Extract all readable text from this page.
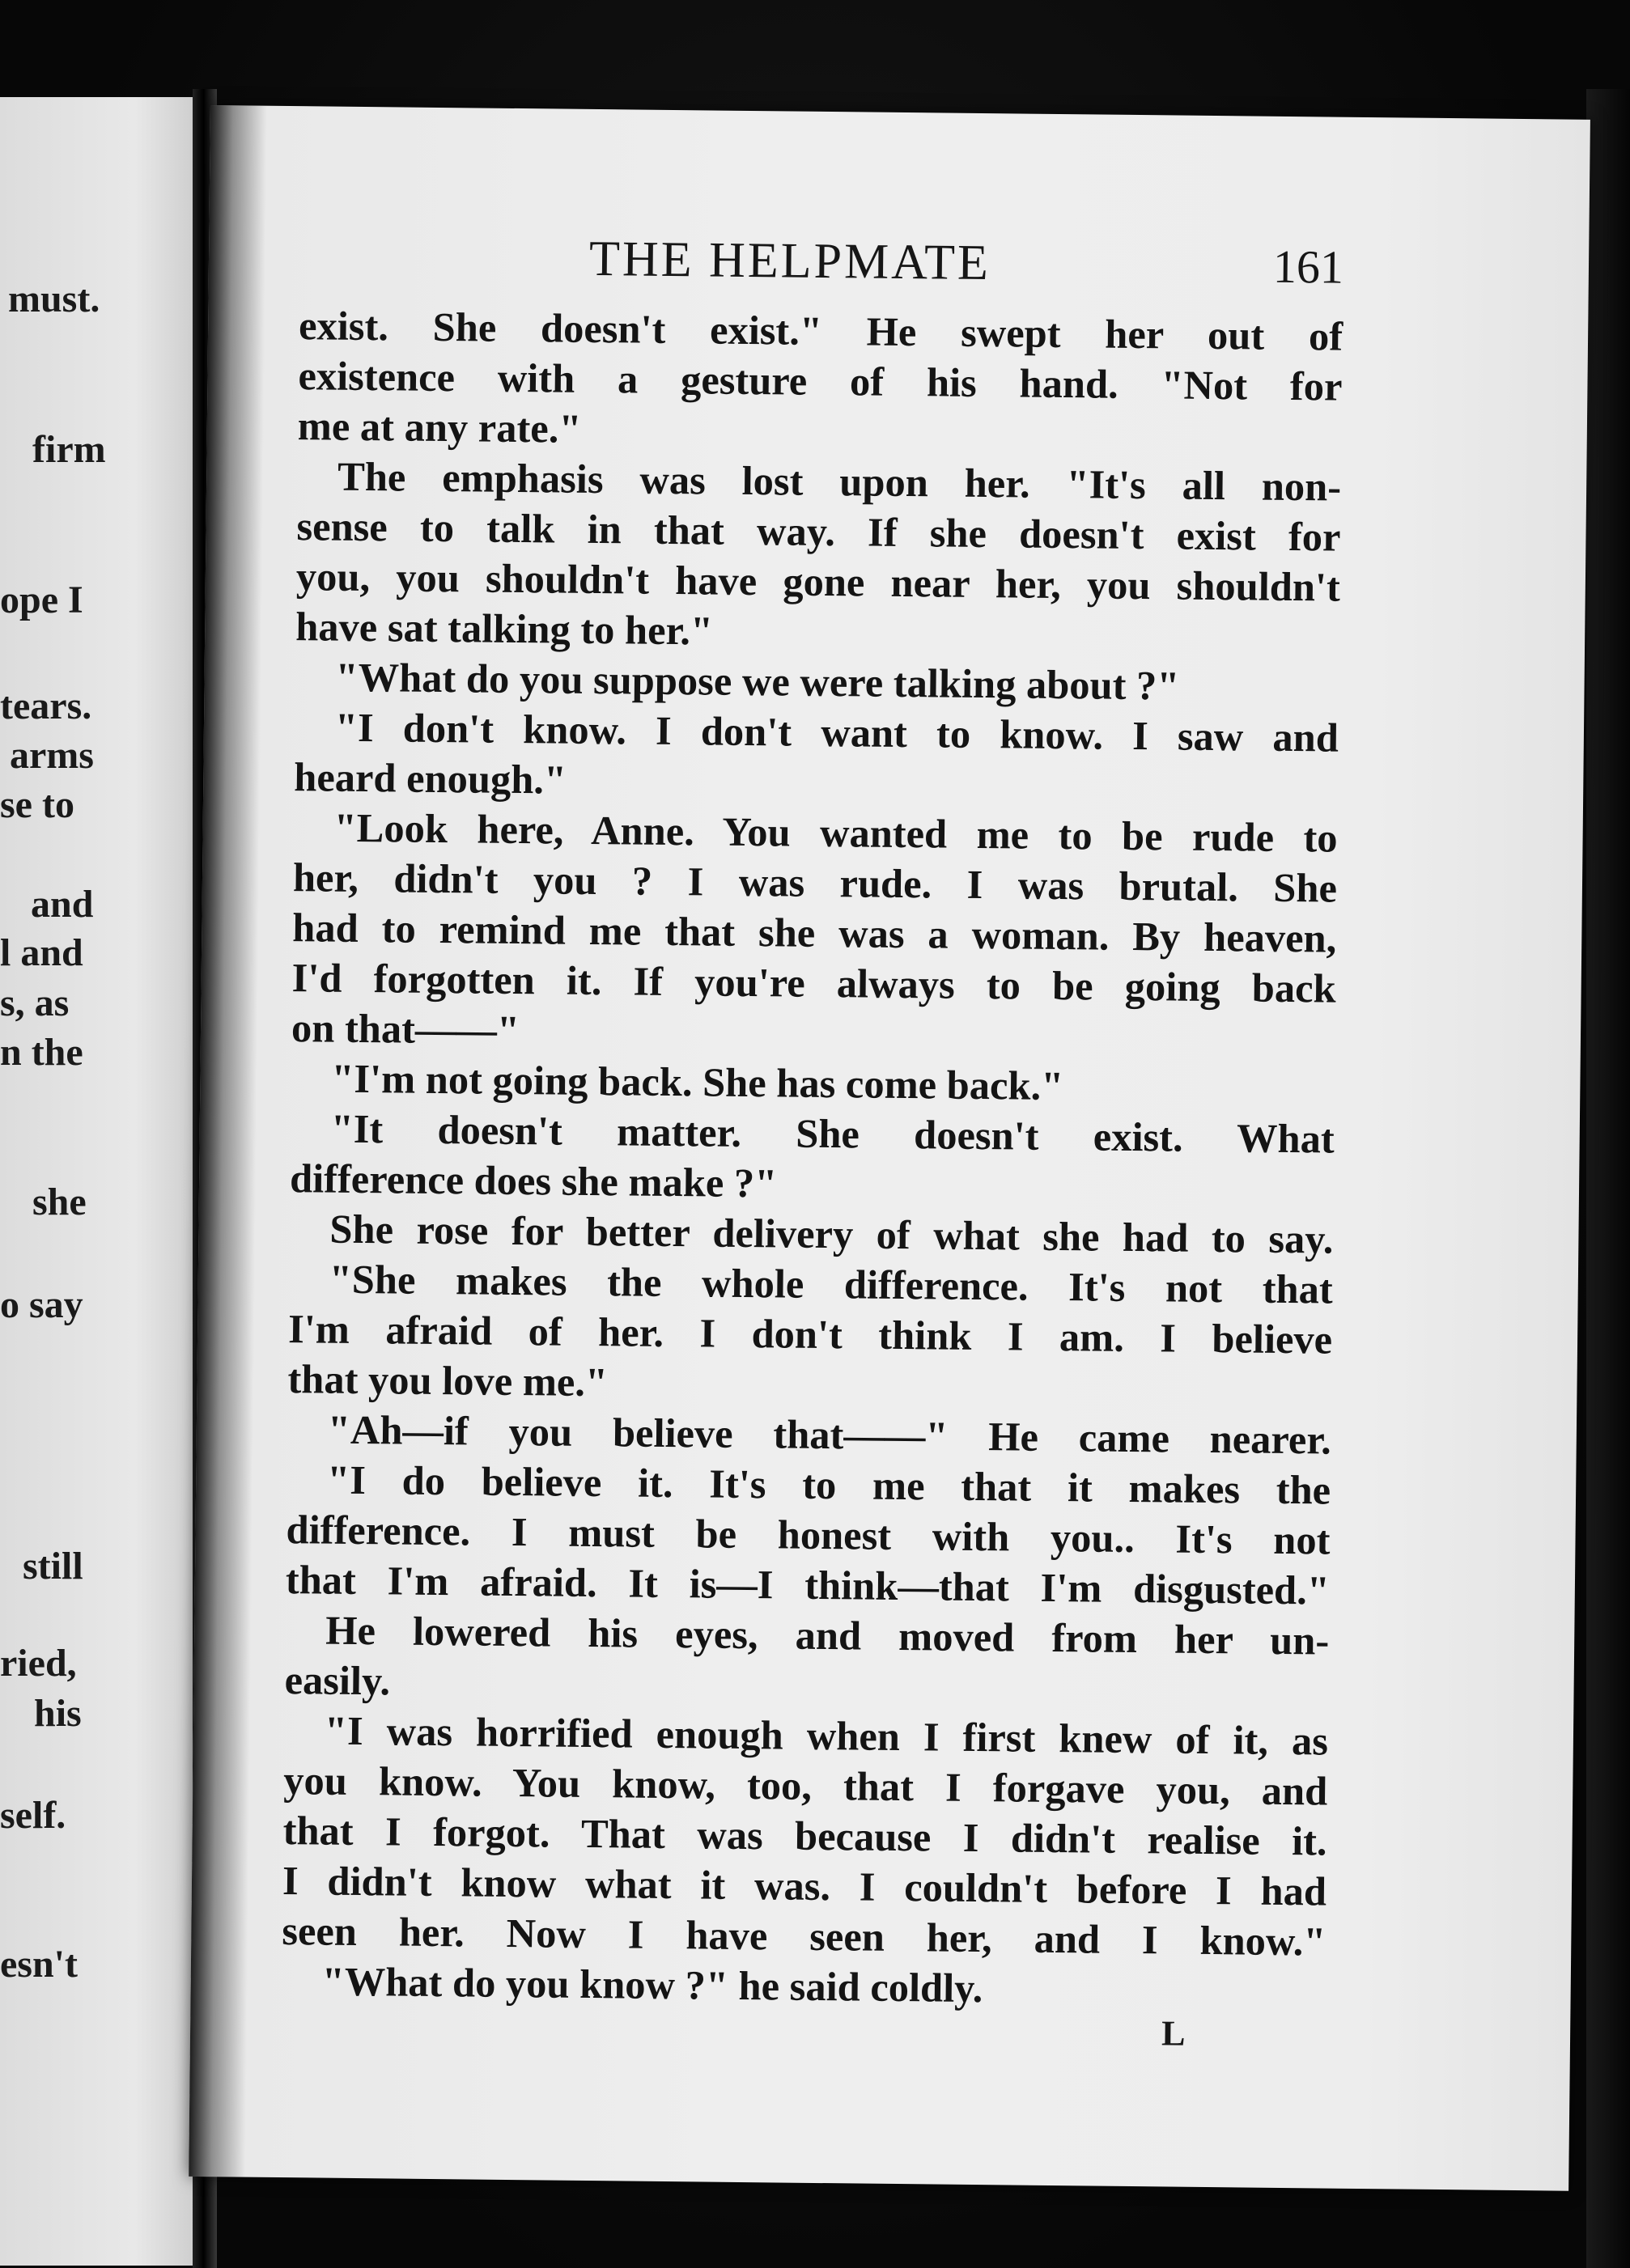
must.
firm
ope I
tears.
arms
se to
and
l and
s, as
n the
she
o say
still
ried,
his
self.
esn't
THE HELPMATE	161
exist. She doesn't exist." He swept her out of
existence with a gesture of his hand. "Not for
me at any rate."
The emphasis was lost upon her. "It's all non-
sense to talk in that way. If she doesn't exist for
you, you shouldn't have gone near her, you shouldn't
have sat talking to her."
"What do you suppose we were talking about ?"
"I don't know. I don't want to know. I saw and
heard enough."
"Look here, Anne. You wanted me to be rude to
her, didn't you ? I was rude. I was brutal. She
had to remind me that she was a woman. By heaven,
I'd forgotten it. If you're always to be going back
on that——"
"I'm not going back. She has come back."
"It doesn't matter. She doesn't exist. What
difference does she make ?"
She rose for better delivery of what she had to say.
"She makes the whole difference. It's not that
I'm afraid of her. I don't think I am. I believe
that you love me."
"Ah—if you believe that——" He came nearer.
"I do believe it. It's to me that it makes the
difference. I must be honest with you.. It's not
that I'm afraid. It is—I think—that I'm disgusted."
He lowered his eyes, and moved from her un-
easily.
"I was horrified enough when I first knew of it, as
you know. You know, too, that I forgave you, and
that I forgot. That was because I didn't realise it.
I didn't know what it was. I couldn't before I had
seen her. Now I have seen her, and I know."
"What do you know ?" he said coldly.
L
